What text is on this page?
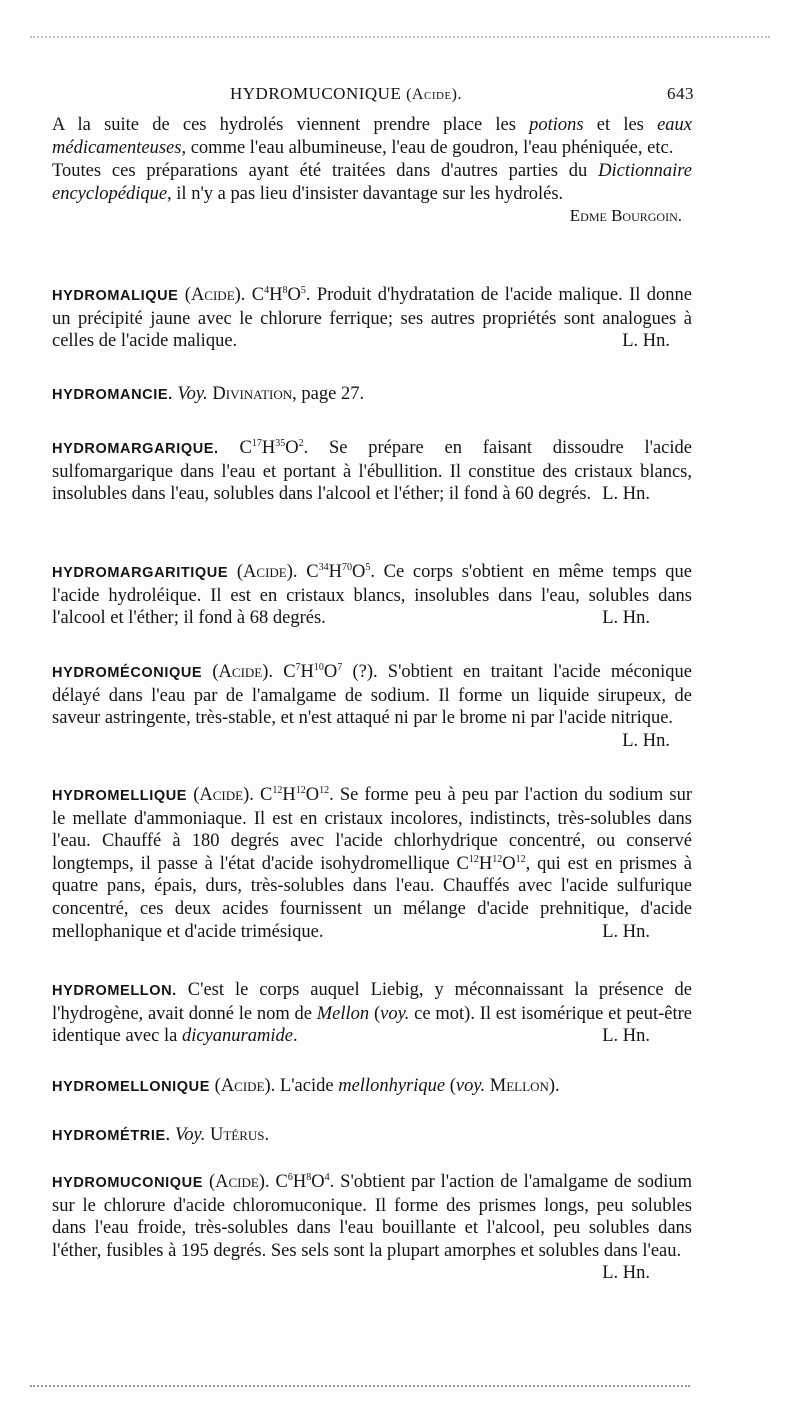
HYDROMUCONIQUE (Acide).	643

A la suite de ces hydrolés viennent prendre place les potions et les eaux médicamenteuses, comme l'eau albumineuse, l'eau de goudron, l'eau phéniquée, etc.

Toutes ces préparations ayant été traitées dans d'autres parties du Dictionnaire encyclopédique, il n'y a pas lieu d'insister davantage sur les hydrolés.

Edme Bourgoin.

HYDROMALIQUE (Acide). $C^4H^8O^5$. Produit d'hydratation de l'acide malique. Il donne un précipité jaune avec le chlorure ferrique; ses autres propriétés sont analogues à celles de l'acide malique.	L. Hn.

HYDROMANCIE. Voy. Divination, page 27.

HYDROMARGARIQUE. $C^{17}H^{35}O^2$. Se prépare en faisant dissoudre l'acide sulfomargarique dans l'eau et portant à l'ébullition. Il constitue des cristaux blancs, insolubles dans l'eau, solubles dans l'alcool et l'éther; il fond à 60 degrés. L. Hn.

HYDROMARGARITIQUE (Acide). $C^{34}H^{70}O^5$. Ce corps s'obtient en même temps que l'acide hydroléique. Il est en cristaux blancs, insolubles dans l'eau, solubles dans l'alcool et l'éther; il fond à 68 degrés.	L. Hn.

HYDROMÉCONIQUE (Acide). $C^7H^{10}O^7$ (?). S'obtient en traitant l'acide méconique délayé dans l'eau par de l'amalgame de sodium. Il forme un liquide sirupeux, de saveur astringente, très-stable, et n'est attaqué ni par le brome ni par l'acide nitrique.
L. Hn.

HYDROMELLIQUE (Acide). $C^{12}H^{12}O^{12}$. Se forme peu à peu par l'action du sodium sur le mellate d'ammoniaque. Il est en cristaux incolores, indistincts, très-solubles dans l'eau. Chauffé à 180 degrés avec l'acide chlorhydrique concentré, ou conservé longtemps, il passe à l'état d'acide isohydromellique $C^{12}H^{12}O^{12}$, qui est en prismes à quatre pans, épais, durs, très-solubles dans l'eau. Chauffés avec l'acide sulfurique concentré, ces deux acides fournissent un mélange d'acide prehnitique, d'acide mellophanique et d'acide trimésique.	L. Hn.

HYDROMELLON. C'est le corps auquel Liebig, y méconnaissant la présence de l'hydrogène, avait donné le nom de Mellon (voy. ce mot). Il est isomérique et peut-être identique avec la dicyanuramide.	L. Hn.

HYDROMELLONIQUE (Acide). L'acide mellonhyrique (voy. Mellon).

HYDROMÉTRIE. Voy. Utérus.

HYDROMUCONIQUE (Acide). $C^6H^8O^4$. S'obtient par l'action de l'amalgame de sodium sur le chlorure d'acide chloromuconique. Il forme des prismes longs, peu solubles dans l'eau froide, très-solubles dans l'eau bouillante et l'alcool, peu solubles dans l'éther, fusibles à 195 degrés. Ses sels sont la plupart amorphes et solubles dans l'eau.
L. Hn.
